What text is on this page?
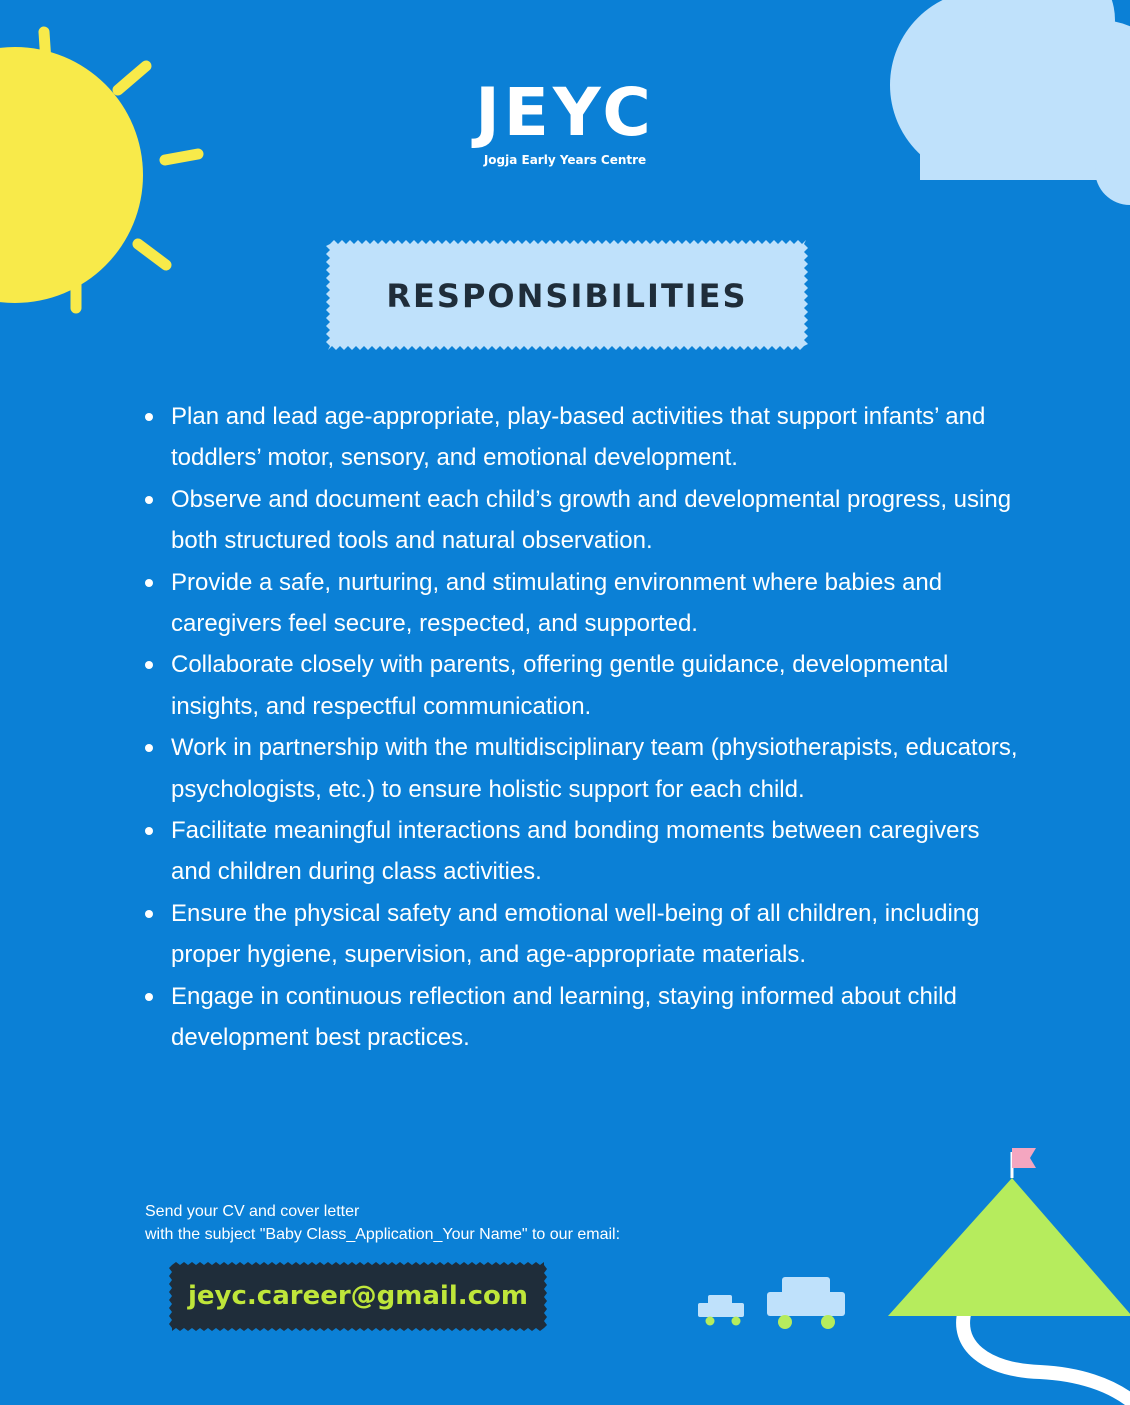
JEYC
Jogja Early Years Centre
RESPONSIBILITIES
Plan and lead age-appropriate, play-based activities that support infants’ and toddlers’ motor, sensory, and emotional development.
Observe and document each child’s growth and developmental progress, using both structured tools and natural observation.
Provide a safe, nurturing, and stimulating environment where babies and caregivers feel secure, respected, and supported.
Collaborate closely with parents, offering gentle guidance, developmental insights, and respectful communication.
Work in partnership with the multidisciplinary team (physiotherapists, educators, psychologists, etc.) to ensure holistic support for each child.
Facilitate meaningful interactions and bonding moments between caregivers and children during class activities.
Ensure the physical safety and emotional well-being of all children, including proper hygiene, supervision, and age-appropriate materials.
Engage in continuous reflection and learning, staying informed about child development best practices.
Send your CV and cover letter
with the subject "Baby Class_Application_Your Name" to our email:
jeyc.career@gmail.com
